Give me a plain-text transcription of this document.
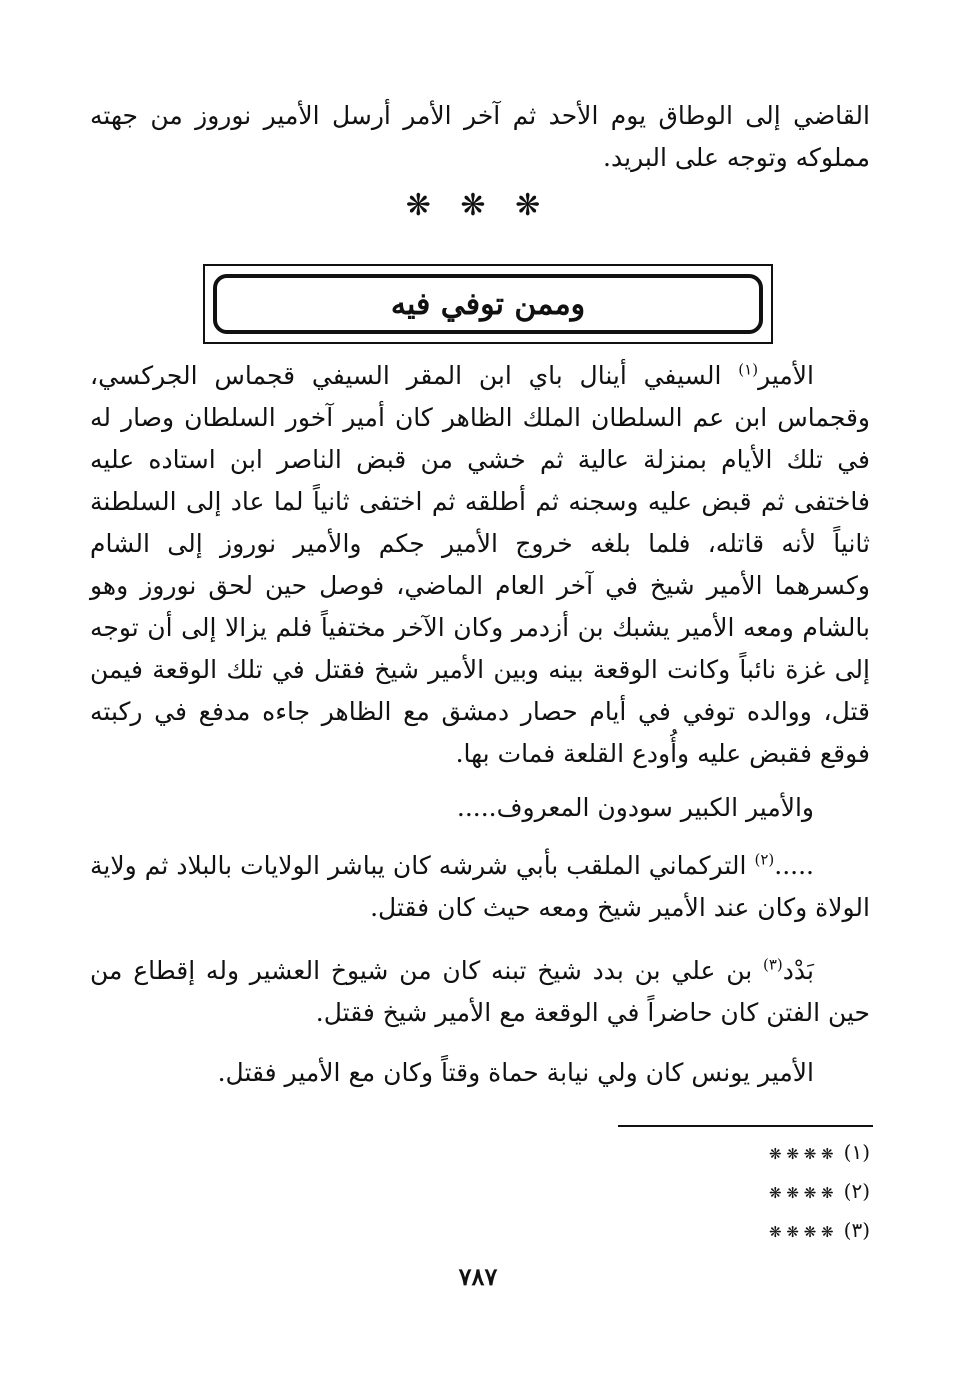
القاضي إلى الوطاق يوم الأحد ثم آخر الأمر أرسل الأمير نوروز من جهته مملوكه وتوجه على البريد.

❋ ❋ ❋
وممن توفي فيه

الأمير$^{(١)}$ السيفي أينال باي ابن المقر السيفي قجماس الجركسي، وقجماس ابن عم السلطان الملك الظاهر كان أمير آخور السلطان وصار له في تلك الأيام بمنزلة عالية ثم خشي من قبض الناصر ابن استاده عليه فاختفى ثم قبض عليه وسجنه ثم أطلقه ثم اختفى ثانياً لما عاد إلى السلطنة ثانياً لأنه قاتله، فلما بلغه خروج الأمير جكم والأمير نوروز إلى الشام وكسرهما الأمير شيخ في آخر العام الماضي، فوصل حين لحق نوروز وهو بالشام ومعه الأمير يشبك بن أزدمر وكان الآخر مختفياً فلم يزالا إلى أن توجه إلى غزة نائباً وكانت الوقعة بينه وبين الأمير شيخ فقتل في تلك الوقعة فيمن قتل، ووالده توفي في أيام حصار دمشق مع الظاهر جاءه مدفع في ركبته فوقع فقبض عليه وأُودع القلعة فمات بها.

والأمير الكبير سودون المعروف.....

.....$^{(٢)}$ التركماني الملقب بأبي شرشه كان يباشر الولايات بالبلاد ثم ولاية الولاة وكان عند الأمير شيخ ومعه حيث كان فقتل.

بَدْد$^{(٣)}$ بن علي بن بدد شيخ تبنه كان من شيوخ العشير وله إقطاع من حين الفتن كان حاضراً في الوقعة مع الأمير شيخ فقتل.

الأمير يونس كان ولي نيابة حماة وقتاً وكان مع الأمير فقتل.

(١)❋ ❋ ❋ ❋
(٢)❋ ❋ ❋ ❋
(٣)❋ ❋ ❋ ❋
٧٨٧
